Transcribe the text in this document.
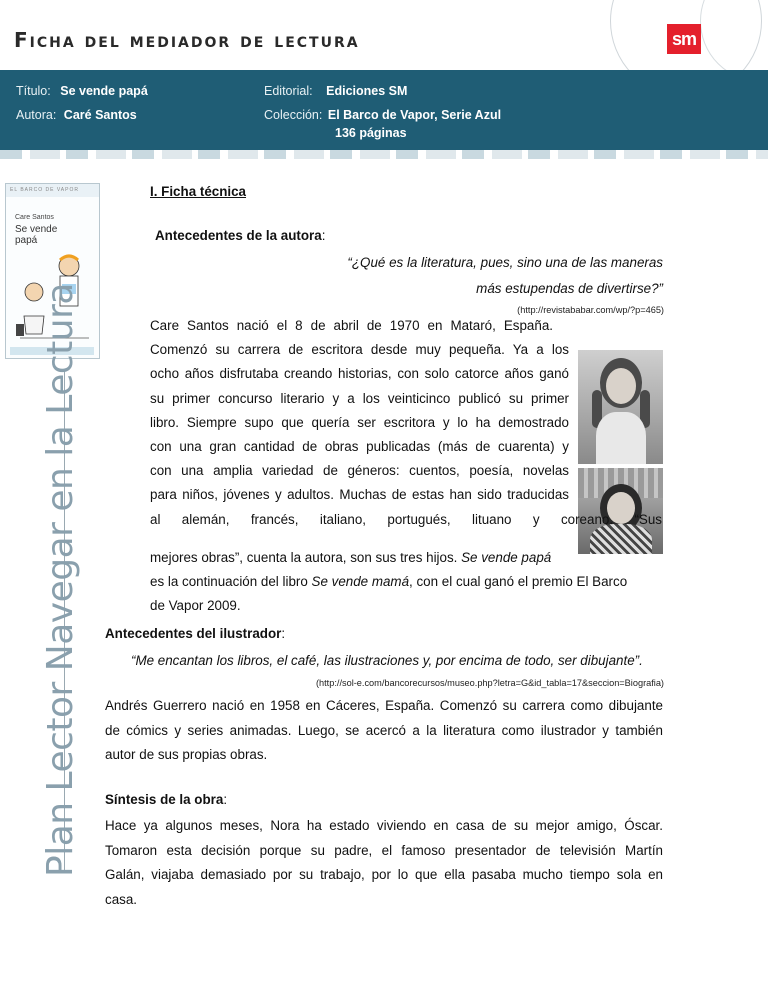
Ficha del mediador de lectura	sm
Título: Se vende papá
Autora: Caré Santos
Editorial: Ediciones SM
Colección: El Barco de Vapor, Serie Azul
136 páginas
EL BARCO DE VAPOR
Care Santos
Se vende
papá
Plan Lector Navegar en la Lectura
I. Ficha técnica
Antecedentes de la autora:
“¿Qué es la literatura, pues, sino una de las maneras
más estupendas de divertirse?”
(http://revistababar.com/wp/?p=465)
Care Santos nació el 8 de abril de 1970 en Mataró, España.
Comenzó su carrera de escritora desde muy pequeña. Ya a los
ocho años disfrutaba creando historias, con solo catorce años ganó
su primer concurso literario y a los veinticinco publicó su primer
libro. Siempre supo que quería ser escritora y lo ha demostrado
con una gran cantidad de obras publicadas (más de cuarenta) y
con una amplia variedad de géneros: cuentos, poesía, novelas
para niños, jóvenes y adultos. Muchas de estas han sido traducidas
al alemán, francés, italiano, portugués, lituano y coreano. “Sus
mejores obras”, cuenta la autora, son sus tres hijos. Se vende papá
es la continuación del libro Se vende mamá, con el cual ganó el premio El Barco
de Vapor 2009.
Antecedentes del ilustrador:
“Me encantan los libros, el café, las ilustraciones y, por encima de todo, ser dibujante”.
(http://sol-e.com/bancorecursos/museo.php?letra=G&id_tabla=17&seccion=Biografia)
Andrés Guerrero nació en 1958 en Cáceres, España. Comenzó su carrera como dibujante
de cómics y series animadas. Luego, se acercó a la literatura como ilustrador y también
autor de sus propias obras.
Síntesis de la obra:
Hace ya algunos meses, Nora ha estado viviendo en casa de su mejor amigo, Óscar.
Tomaron esta decisión porque su padre, el famoso presentador de televisión Martín
Galán, viajaba demasiado por su trabajo, por lo que ella pasaba mucho tiempo sola en
casa.
